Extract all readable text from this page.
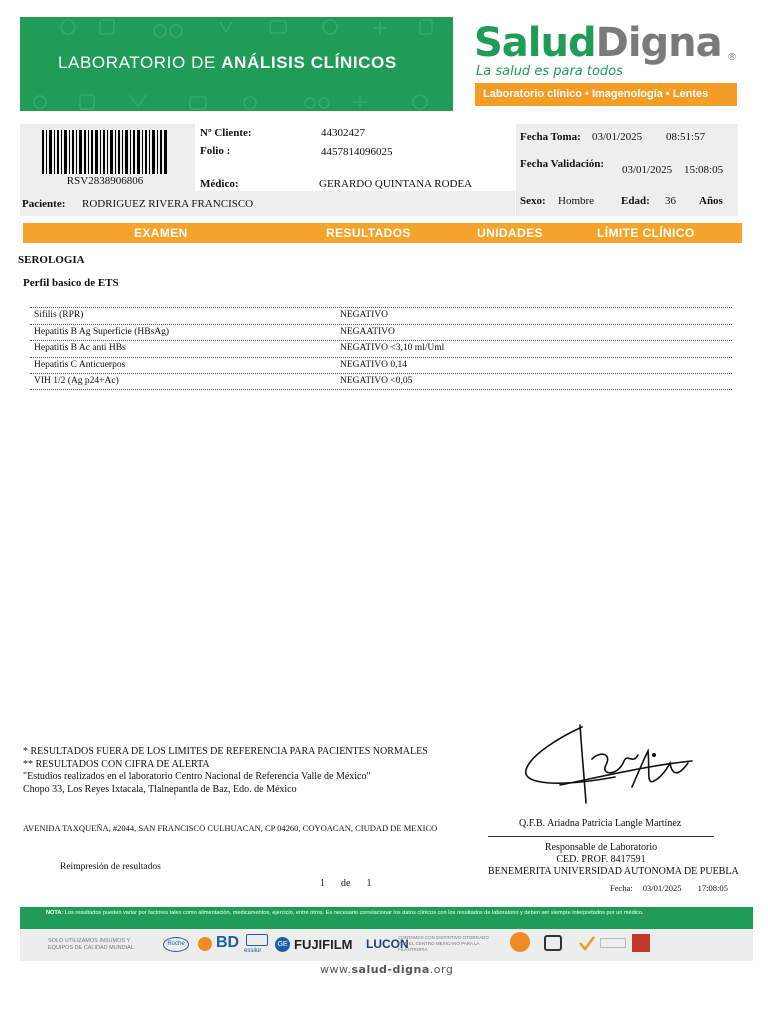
LABORATORIO DE ANÁLISIS CLÍNICOS SaludDigna ®
La salud es para todos
Laboratorio clínico • Imagenología • Lentes
RSV2838906806
Nº Cliente:	44302427
Folio :	4457814096025
Médico:	GERARDO QUINTANA RODEA
Paciente: RODRIGUEZ RIVERA FRANCISCO
Fecha Toma: 03/01/2025 08:51:57
Fecha Validación: 03/01/2025 15:08:05
Sexo: Hombre Edad: 36 Años
EXAMEN	RESULTADOS	UNIDADES	LÍMITE CLÍNICO
SEROLOGIA
Perfil basico de ETS
Sifilis (RPR)	NEGATIVO
Hepatitis B Ag Superficie (HBsAg)	NEGAATIVO
Hepatitis B Ac anti HBs	NEGATIVO <3,10 ml/Uml
Hepatitis C Anticuerpos	NEGATIVO 0,14
VIH 1/2 (Ag p24+Ac)	NEGATIVO <0,05
* RESULTADOS FUERA DE LOS LIMITES DE REFERENCIA PARA PACIENTES NORMALES
** RESULTADOS CON CIFRA DE ALERTA
"Estudios realizados en el laboratorio Centro Nacional de Referencia Valle de México"
Chopo 33, Los Reyes Ixtacala, Tlalnepantla de Baz, Edo. de México
AVENIDA TAXQUEÑA, #2044, SAN FRANCISCO CULHUACAN, CP 04260, COYOACAN, CIUDAD DE MEXICO
Reimpresión de resultados
1 de 1
Q.F.B. Ariadna Patricia Langle Martínez
Responsable de Laboratorio
CED. PROF. 8417591
BENEMERITA UNIVERSIDAD AUTONOMA DE PUEBLA
Fecha: 03/01/2025 17:08:05
NOTA: Los resultados pueden variar por factores tales como alimentación, medicamentos, ejercicio, entre otros. Es necesario correlacionar los datos clínicos con los resultados de laboratorio y deben ser siempre interpretados por un médico.
SOLO UTILIZAMOS INSUMOS Y
EQUIPOS DE CALIDAD MUNDIAL:
Roche BD essilor
GE FUJIFILM LUCON
CONTAMOS CON DISTINTIVO OTORGADO
POR EL CENTRO MEXICANO PARA LA
FILANTROPÍA
www.salud-digna.org
